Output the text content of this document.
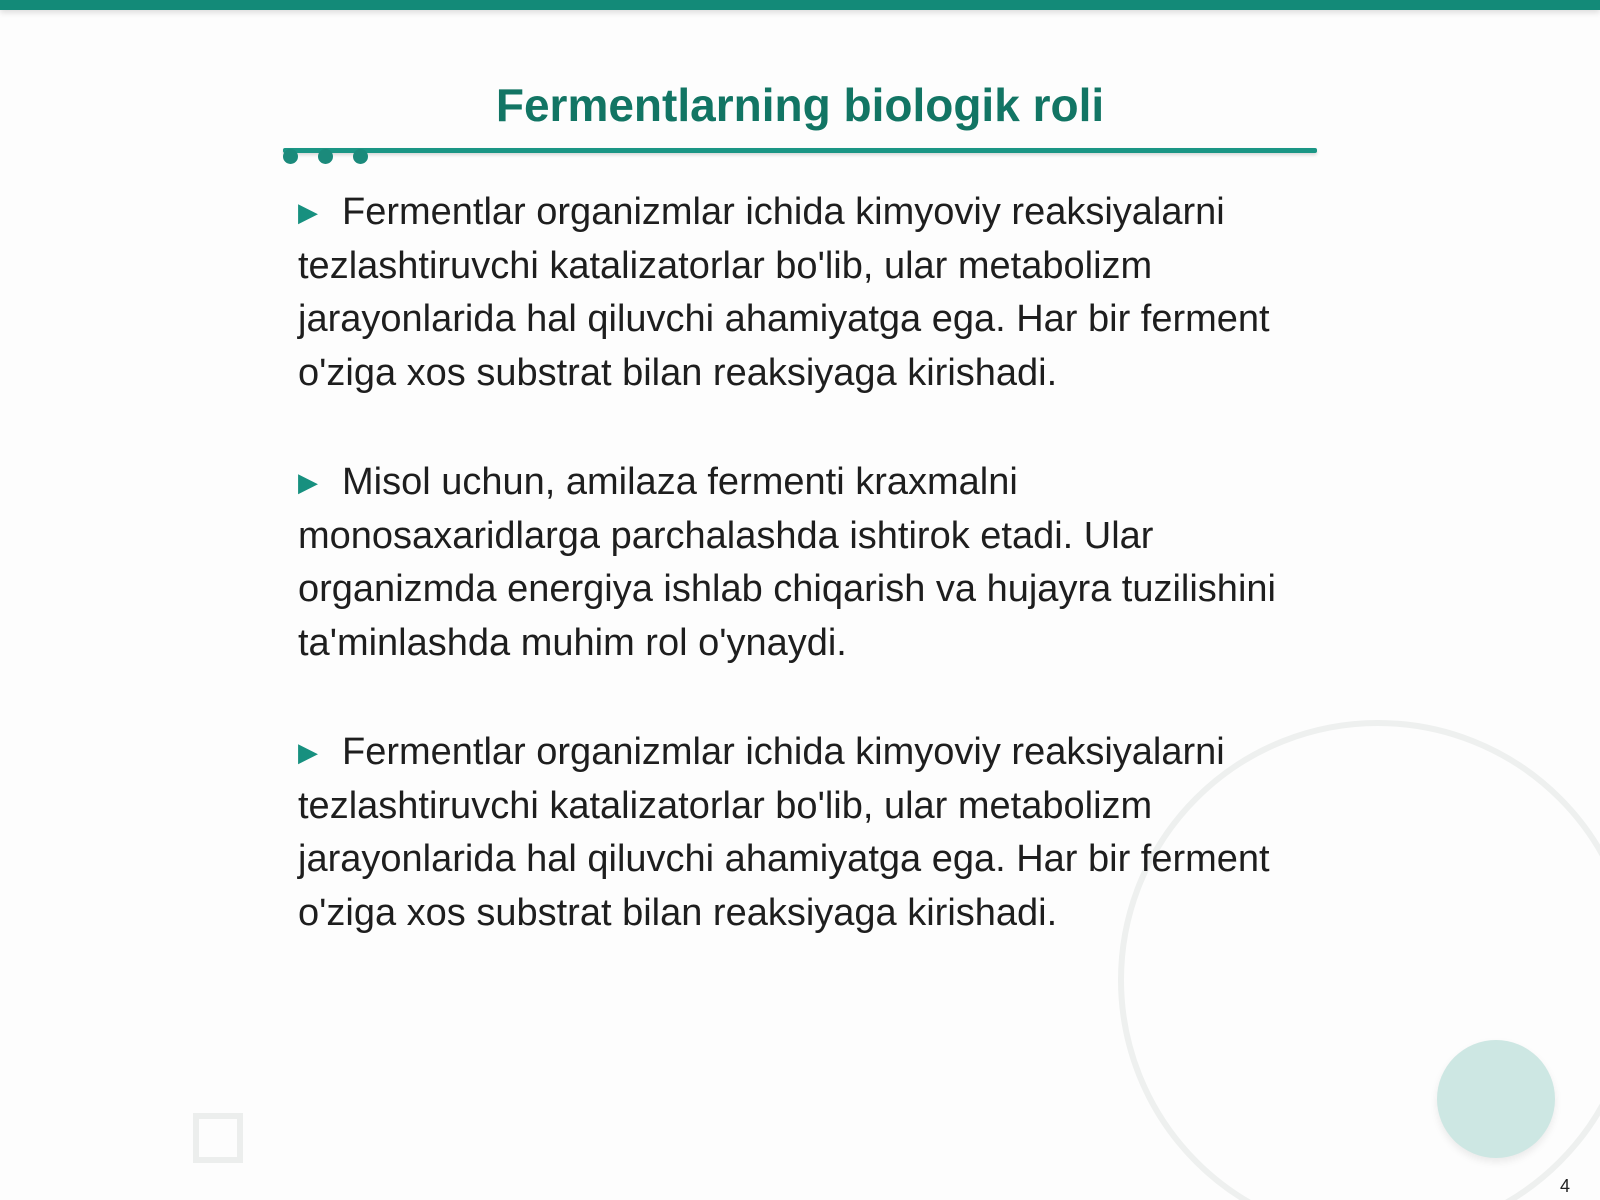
Fermentlarning biologik roli

▶ Fermentlar organizmlar ichida kimyoviy reaksiyalarni tezlashtiruvchi katalizatorlar bo'lib, ular metabolizm jarayonlarida hal qiluvchi ahamiyatga ega. Har bir ferment o'ziga xos substrat bilan reaksiyaga kirishadi.

▶ Misol uchun, amilaza fermenti kraxmalni monosaxaridlarga parchalashda ishtirok etadi. Ular organizmda energiya ishlab chiqarish va hujayra tuzilishini ta'minlashda muhim rol o'ynaydi.

▶ Fermentlar organizmlar ichida kimyoviy reaksiyalarni tezlashtiruvchi katalizatorlar bo'lib, ular metabolizm jarayonlarida hal qiluvchi ahamiyatga ega. Har bir ferment o'ziga xos substrat bilan reaksiyaga kirishadi.

4
